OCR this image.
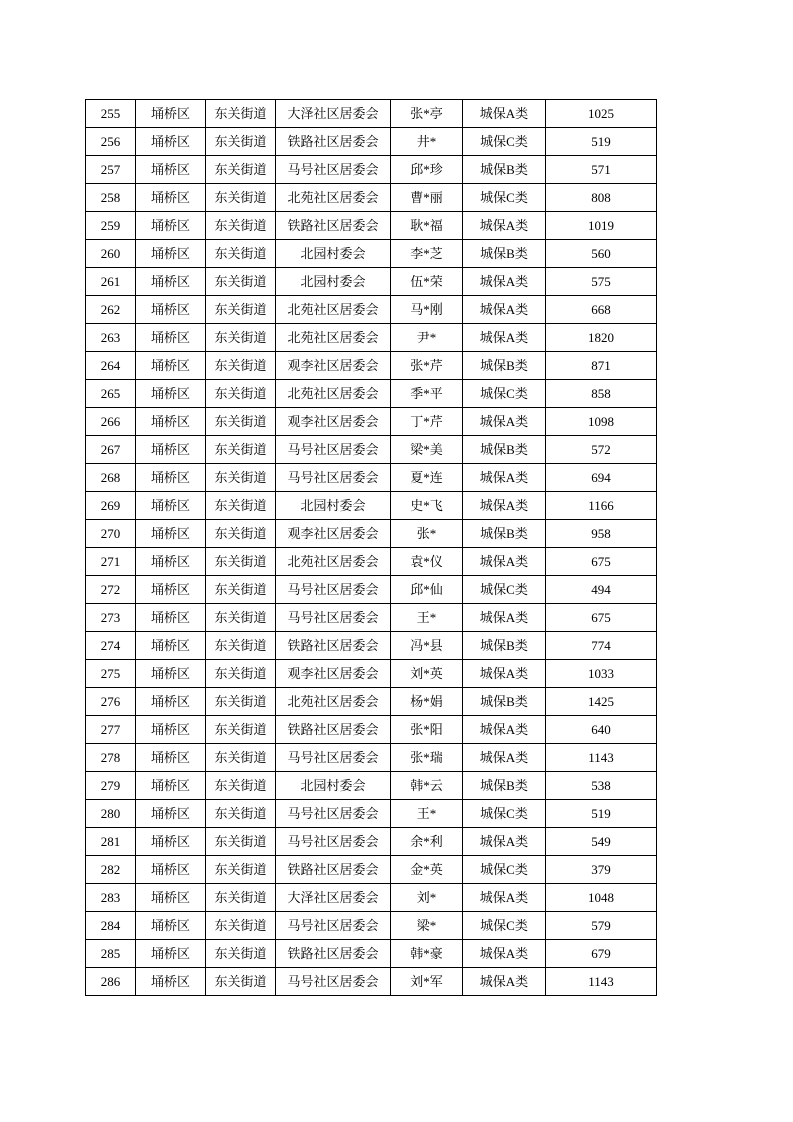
255	埇桥区	东关街道	大泽社区居委会	张*亭	城保A类	1025
256	埇桥区	东关街道	铁路社区居委会	井*	城保C类	519
257	埇桥区	东关街道	马号社区居委会	邱*珍	城保B类	571
258	埇桥区	东关街道	北苑社区居委会	曹*丽	城保C类	808
259	埇桥区	东关街道	铁路社区居委会	耿*福	城保A类	1019
260	埇桥区	东关街道	北园村委会	李*芝	城保B类	560
261	埇桥区	东关街道	北园村委会	伍*荣	城保A类	575
262	埇桥区	东关街道	北苑社区居委会	马*刚	城保A类	668
263	埇桥区	东关街道	北苑社区居委会	尹*	城保A类	1820
264	埇桥区	东关街道	观李社区居委会	张*芹	城保B类	871
265	埇桥区	东关街道	北苑社区居委会	季*平	城保C类	858
266	埇桥区	东关街道	观李社区居委会	丁*芹	城保A类	1098
267	埇桥区	东关街道	马号社区居委会	梁*美	城保B类	572
268	埇桥区	东关街道	马号社区居委会	夏*连	城保A类	694
269	埇桥区	东关街道	北园村委会	史*飞	城保A类	1166
270	埇桥区	东关街道	观李社区居委会	张*	城保B类	958
271	埇桥区	东关街道	北苑社区居委会	袁*仪	城保A类	675
272	埇桥区	东关街道	马号社区居委会	邱*仙	城保C类	494
273	埇桥区	东关街道	马号社区居委会	王*	城保A类	675
274	埇桥区	东关街道	铁路社区居委会	冯*县	城保B类	774
275	埇桥区	东关街道	观李社区居委会	刘*英	城保A类	1033
276	埇桥区	东关街道	北苑社区居委会	杨*娟	城保B类	1425
277	埇桥区	东关街道	铁路社区居委会	张*阳	城保A类	640
278	埇桥区	东关街道	马号社区居委会	张*瑞	城保A类	1143
279	埇桥区	东关街道	北园村委会	韩*云	城保B类	538
280	埇桥区	东关街道	马号社区居委会	王*	城保C类	519
281	埇桥区	东关街道	马号社区居委会	余*利	城保A类	549
282	埇桥区	东关街道	铁路社区居委会	金*英	城保C类	379
283	埇桥区	东关街道	大泽社区居委会	刘*	城保A类	1048
284	埇桥区	东关街道	马号社区居委会	梁*	城保C类	579
285	埇桥区	东关街道	铁路社区居委会	韩*豪	城保A类	679
286	埇桥区	东关街道	马号社区居委会	刘*军	城保A类	1143
